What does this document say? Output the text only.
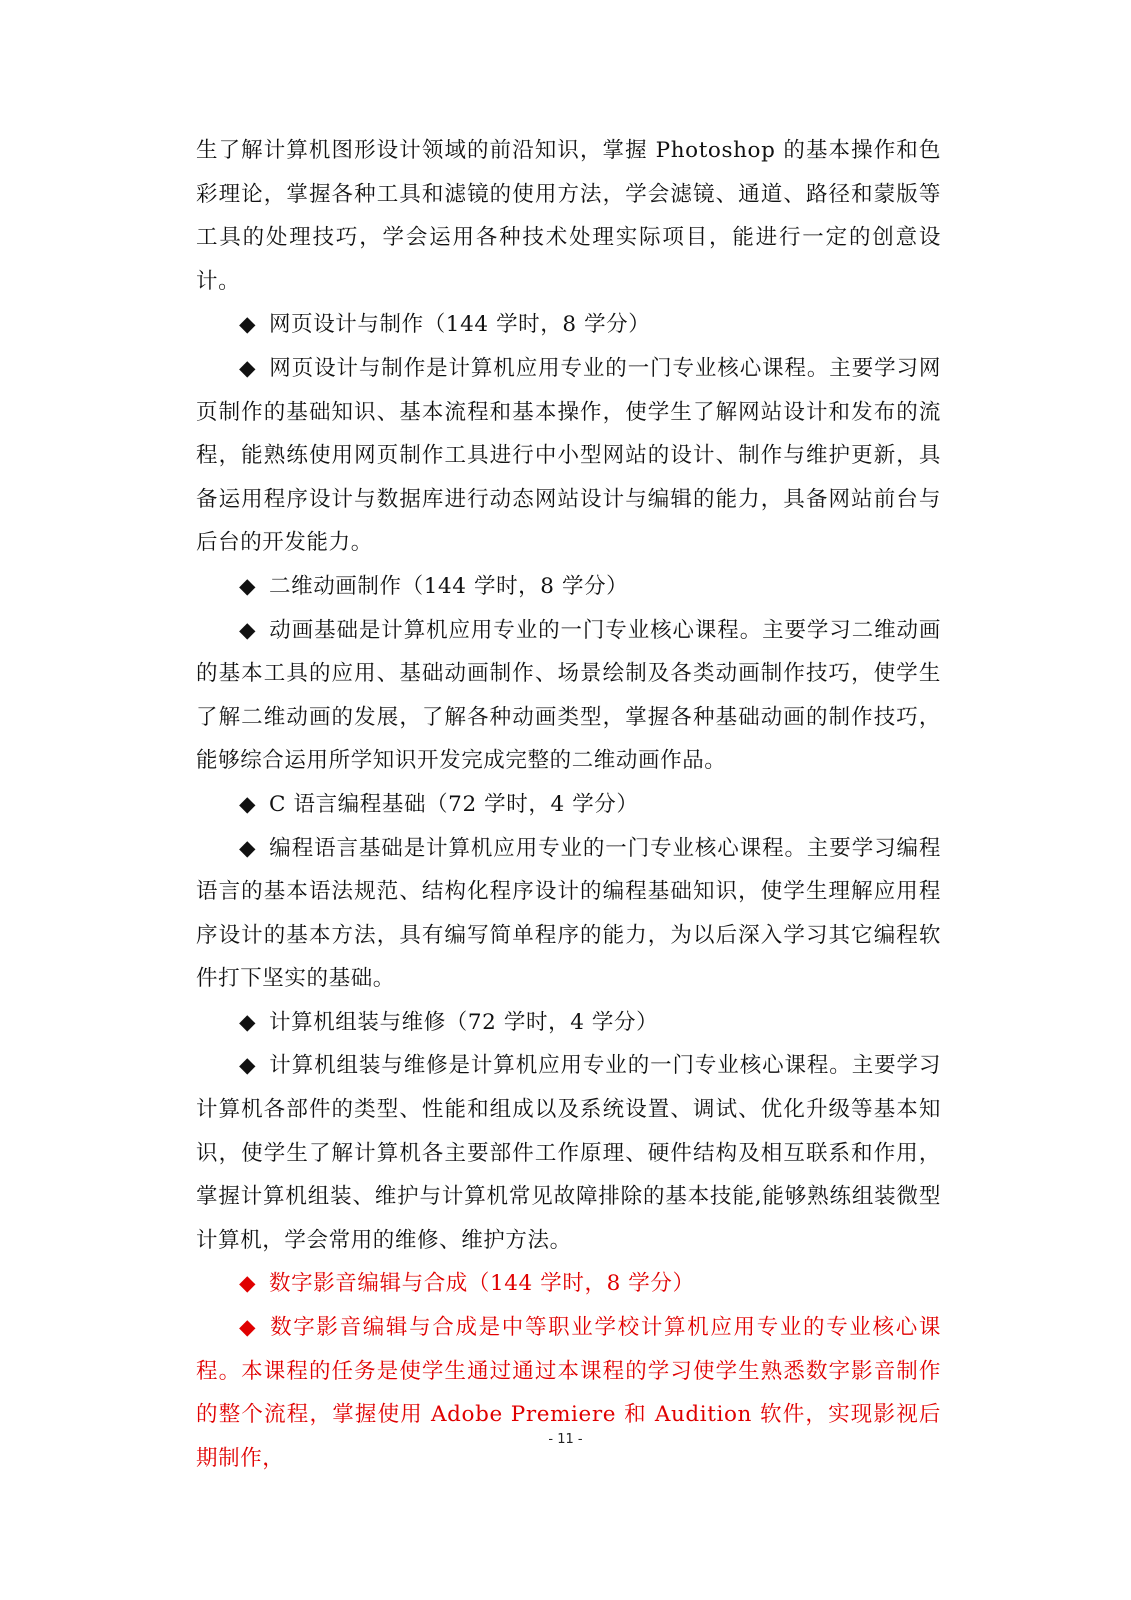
生了解计算机图形设计领域的前沿知识，掌握 Photoshop 的基本操作和色彩理论，掌握各种工具和滤镜的使用方法，学会滤镜、通道、路径和蒙版等工具的处理技巧，学会运用各种技术处理实际项目，能进行一定的创意设计。

◆ 网页设计与制作（144 学时，8 学分）

◆ 网页设计与制作是计算机应用专业的一门专业核心课程。主要学习网页制作的基础知识、基本流程和基本操作，使学生了解网站设计和发布的流程，能熟练使用网页制作工具进行中小型网站的设计、制作与维护更新，具备运用程序设计与数据库进行动态网站设计与编辑的能力，具备网站前台与后台的开发能力。

◆ 二维动画制作（144 学时，8 学分）

◆ 动画基础是计算机应用专业的一门专业核心课程。主要学习二维动画的基本工具的应用、基础动画制作、场景绘制及各类动画制作技巧，使学生了解二维动画的发展，了解各种动画类型，掌握各种基础动画的制作技巧，能够综合运用所学知识开发完成完整的二维动画作品。

◆ C 语言编程基础（72 学时，4 学分）

◆ 编程语言基础是计算机应用专业的一门专业核心课程。主要学习编程语言的基本语法规范、结构化程序设计的编程基础知识，使学生理解应用程序设计的基本方法，具有编写简单程序的能力，为以后深入学习其它编程软件打下坚实的基础。

◆ 计算机组装与维修（72 学时，4 学分）

◆ 计算机组装与维修是计算机应用专业的一门专业核心课程。主要学习计算机各部件的类型、性能和组成以及系统设置、调试、优化升级等基本知识，使学生了解计算机各主要部件工作原理、硬件结构及相互联系和作用，掌握计算机组装、维护与计算机常见故障排除的基本技能,能够熟练组装微型计算机，学会常用的维修、维护方法。

◆ 数字影音编辑与合成（144 学时，8 学分）

◆ 数字影音编辑与合成是中等职业学校计算机应用专业的专业核心课程。本课程的任务是使学生通过通过本课程的学习使学生熟悉数字影音制作的整个流程，掌握使用 Adobe Premiere 和 Audition 软件，实现影视后期制作，

- 11 -
